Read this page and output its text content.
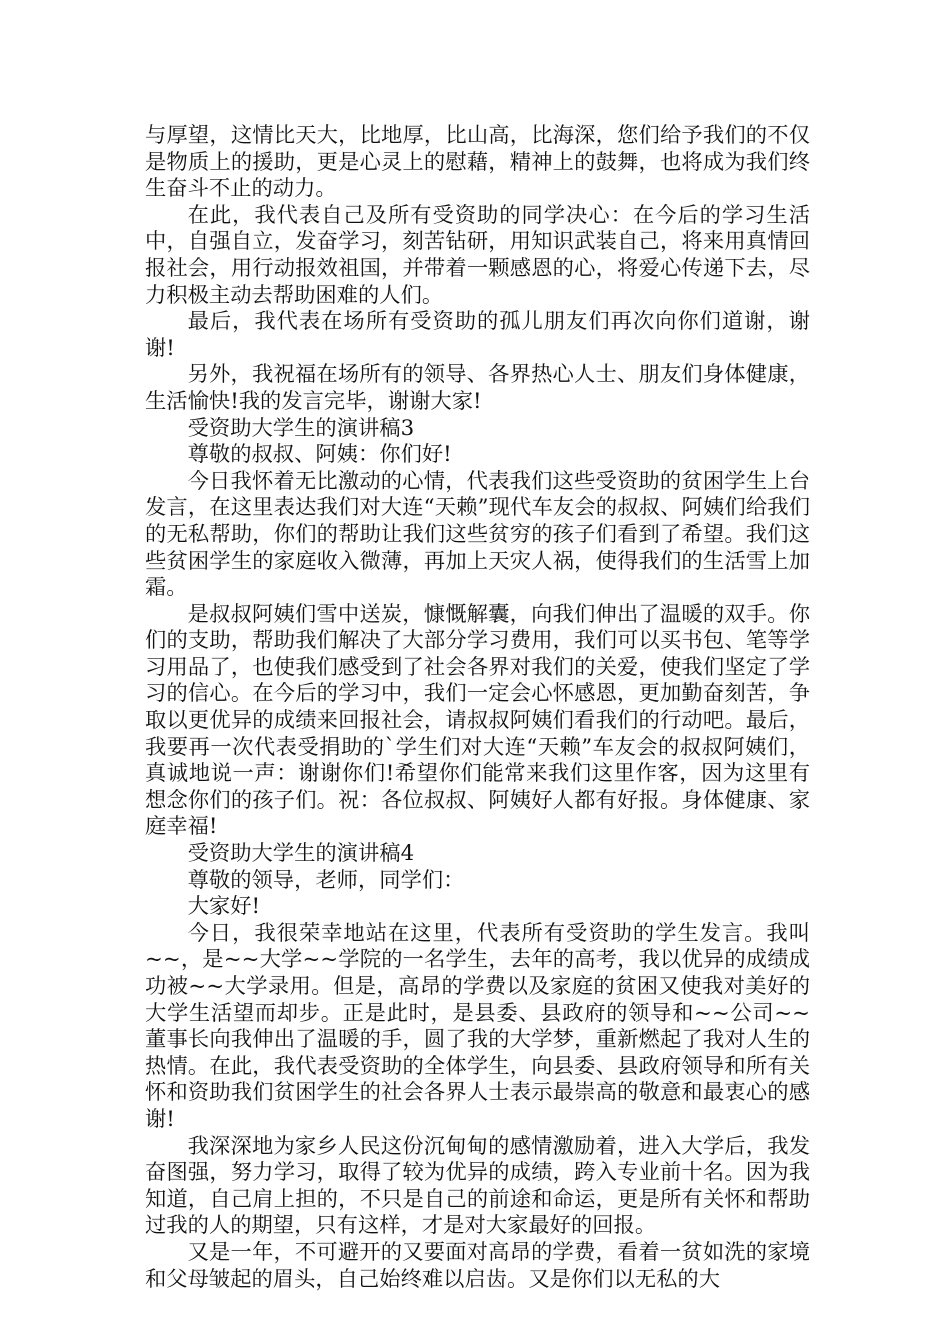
与厚望，这情比天大，比地厚，比山高，比海深，您们给予我们的不仅是物质上的援助，更是心灵上的慰藉，精神上的鼓舞，也将成为我们终生奋斗不止的动力。

在此，我代表自己及所有受资助的同学决心：在今后的学习生活中，自强自立，发奋学习，刻苦钻研，用知识武装自己，将来用真情回报社会，用行动报效祖国，并带着一颗感恩的心，将爱心传递下去，尽力积极主动去帮助困难的人们。

最后，我代表在场所有受资助的孤儿朋友们再次向你们道谢，谢谢!

另外，我祝福在场所有的领导、各界热心人士、朋友们身体健康，生活愉快!我的发言完毕，谢谢大家!

受资助大学生的演讲稿3

尊敬的叔叔、阿姨：你们好!

今日我怀着无比激动的心情，代表我们这些受资助的贫困学生上台发言，在这里表达我们对大连“天赖”现代车友会的叔叔、阿姨们给我们的无私帮助，你们的帮助让我们这些贫穷的孩子们看到了希望。我们这些贫困学生的家庭收入微薄，再加上天灾人祸，使得我们的生活雪上加霜。

是叔叔阿姨们雪中送炭，慷慨解囊，向我们伸出了温暖的双手。你们的支助，帮助我们解决了大部分学习费用，我们可以买书包、笔等学习用品了，也使我们感受到了社会各界对我们的关爱，使我们坚定了学习的信心。在今后的学习中，我们一定会心怀感恩，更加勤奋刻苦，争取以更优异的成绩来回报社会，请叔叔阿姨们看我们的行动吧。最后，我要再一次代表受捐助的`学生们对大连“天赖”车友会的叔叔阿姨们，真诚地说一声：谢谢你们!希望你们能常来我们这里作客，因为这里有想念你们的孩子们。祝：各位叔叔、阿姨好人都有好报。身体健康、家庭幸福!

受资助大学生的演讲稿4

尊敬的领导，老师，同学们：

大家好!

今日，我很荣幸地站在这里，代表所有受资助的学生发言。我叫~~，是~~大学~~学院的一名学生，去年的高考，我以优异的成绩成功被~~大学录用。但是，高昂的学费以及家庭的贫困又使我对美好的大学生活望而却步。正是此时，是县委、县政府的领导和~~公司~~董事长向我伸出了温暖的手，圆了我的大学梦，重新燃起了我对人生的热情。在此，我代表受资助的全体学生，向县委、县政府领导和所有关怀和资助我们贫困学生的社会各界人士表示最崇高的敬意和最衷心的感谢!

我深深地为家乡人民这份沉甸甸的感情激励着，进入大学后，我发奋图强，努力学习，取得了较为优异的成绩，跨入专业前十名。因为我知道，自己肩上担的，不只是自己的前途和命运，更是所有关怀和帮助过我的人的期望，只有这样，才是对大家最好的回报。

又是一年，不可避开的又要面对高昂的学费，看着一贫如洗的家境和父母皱起的眉头，自己始终难以启齿。又是你们以无私的大
